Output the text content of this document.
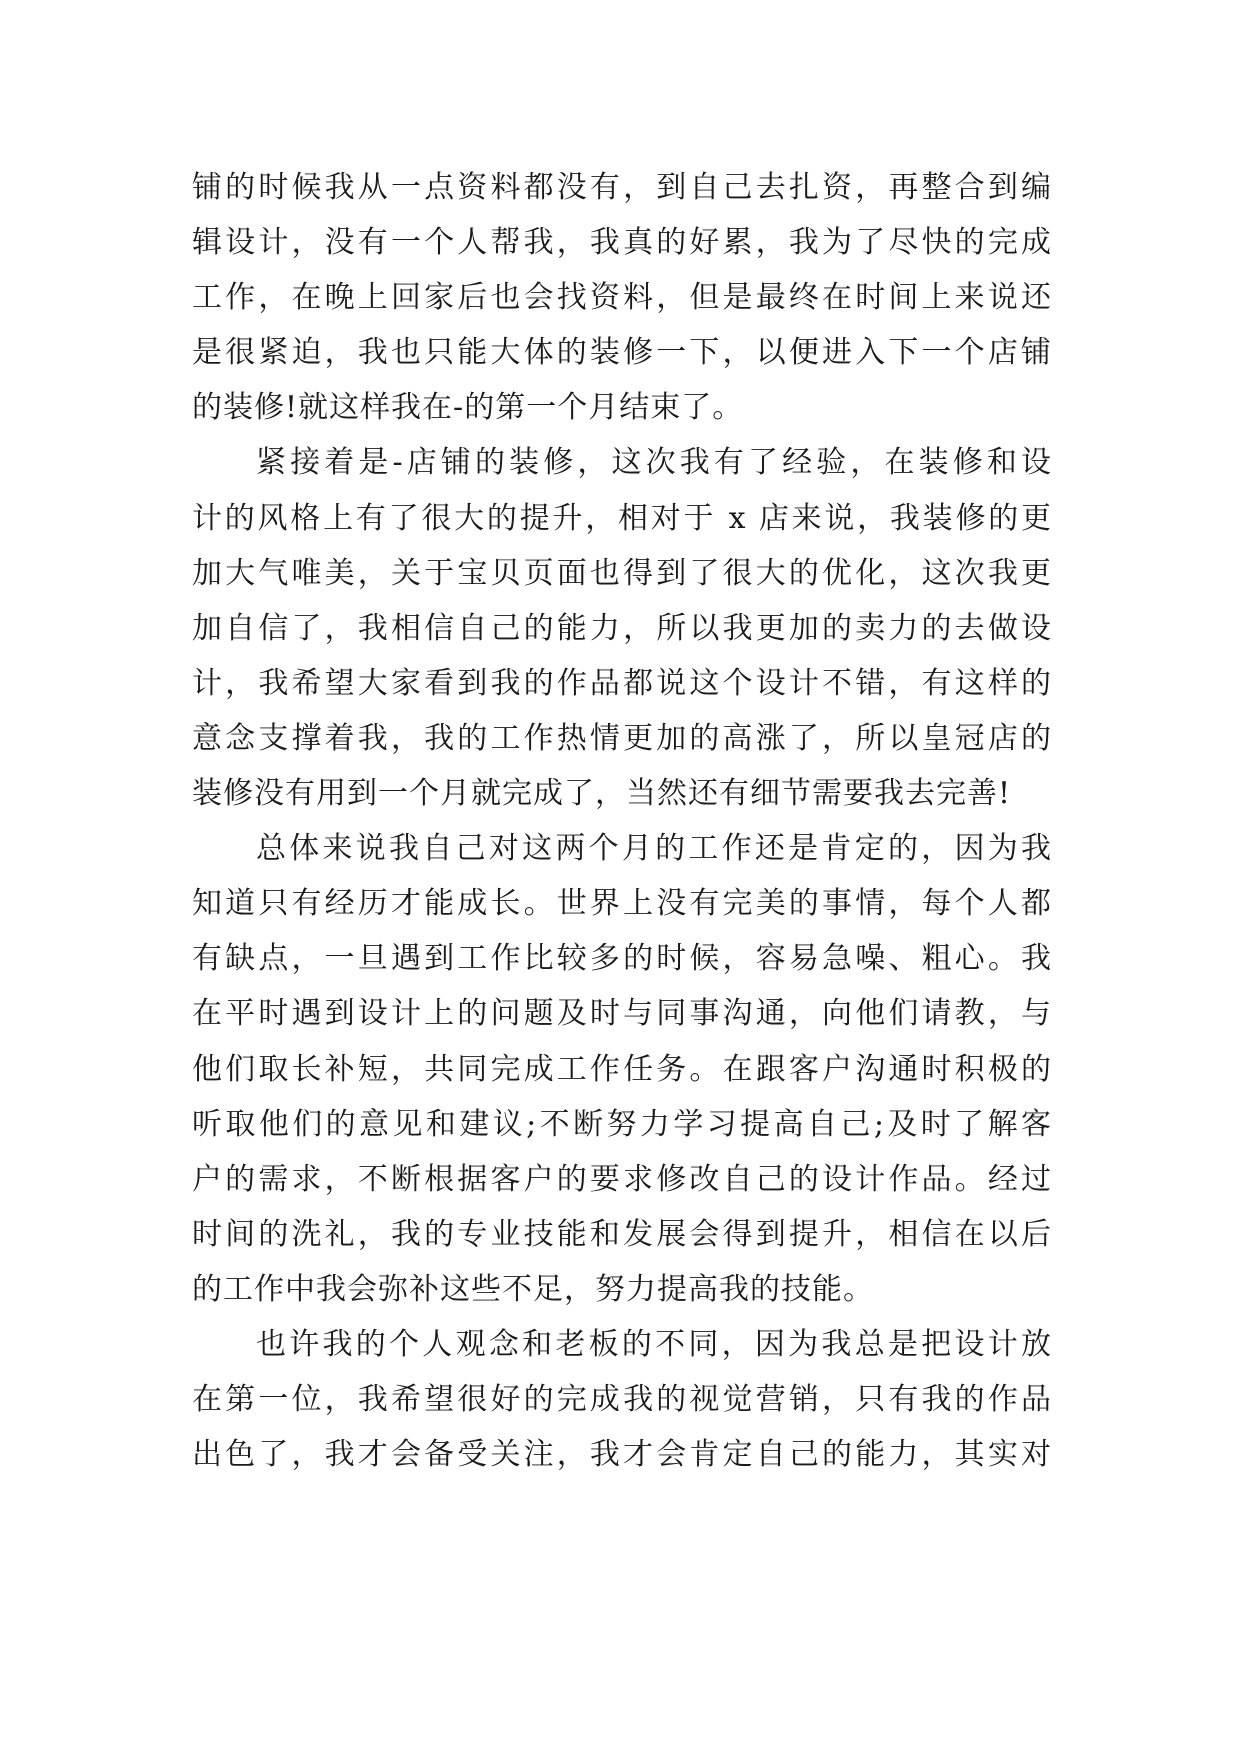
铺的时候我从一点资料都没有，到自己去扎资，再整合到编
辑设计，没有一个人帮我，我真的好累，我为了尽快的完成
工作，在晚上回家后也会找资料，但是最终在时间上来说还
是很紧迫，我也只能大体的装修一下，以便进入下一个店铺
的装修!就这样我在-的第一个月结束了。
紧接着是-店铺的装修，这次我有了经验，在装修和设
计的风格上有了很大的提升，相对于 x 店来说，我装修的更
加大气唯美，关于宝贝页面也得到了很大的优化，这次我更
加自信了，我相信自己的能力，所以我更加的卖力的去做设
计，我希望大家看到我的作品都说这个设计不错，有这样的
意念支撑着我，我的工作热情更加的高涨了，所以皇冠店的
装修没有用到一个月就完成了，当然还有细节需要我去完善!
总体来说我自己对这两个月的工作还是肯定的，因为我
知道只有经历才能成长。世界上没有完美的事情，每个人都
有缺点，一旦遇到工作比较多的时候，容易急噪、粗心。我
在平时遇到设计上的问题及时与同事沟通，向他们请教，与
他们取长补短，共同完成工作任务。在跟客户沟通时积极的
听取他们的意见和建议;不断努力学习提高自己;及时了解客
户的需求，不断根据客户的要求修改自己的设计作品。经过
时间的洗礼，我的专业技能和发展会得到提升，相信在以后
的工作中我会弥补这些不足，努力提高我的技能。
也许我的个人观念和老板的不同，因为我总是把设计放
在第一位，我希望很好的完成我的视觉营销，只有我的作品
出色了，我才会备受关注，我才会肯定自己的能力，其实对
